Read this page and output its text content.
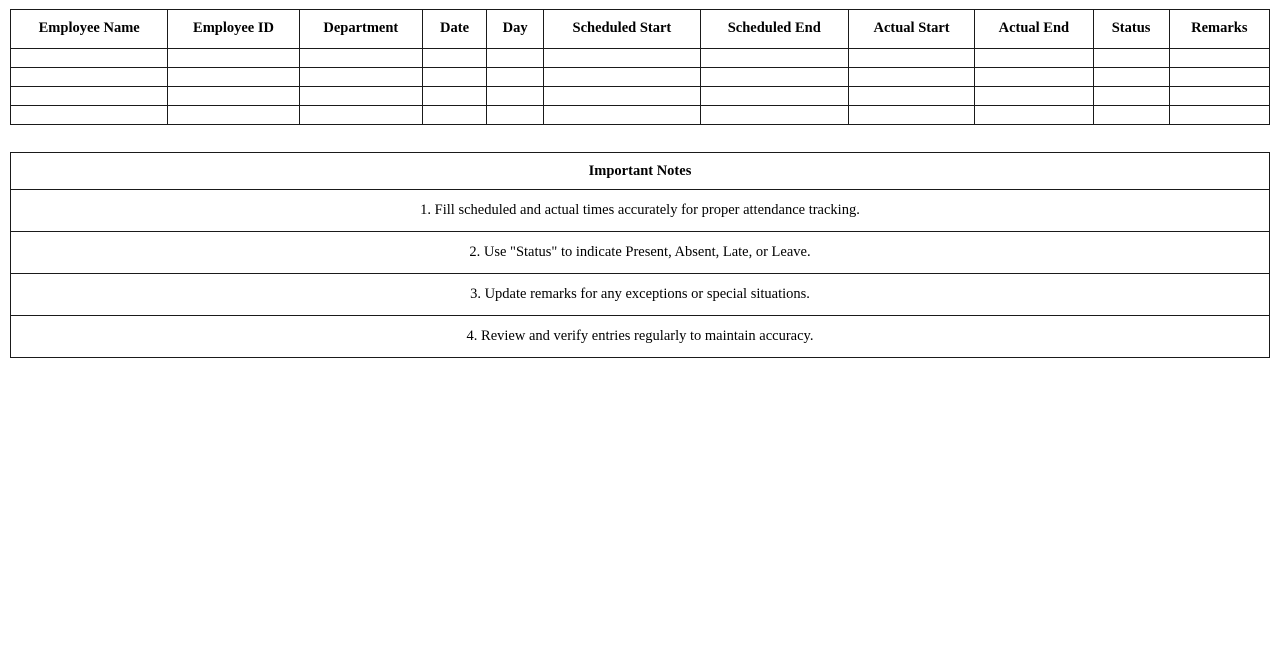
Employee Name	Employee ID	Department	Date	Day	Scheduled Start	Scheduled End	Actual Start	Actual End	Status	Remarks

Important Notes
1. Fill scheduled and actual times accurately for proper attendance tracking.
2. Use "Status" to indicate Present, Absent, Late, or Leave.
3. Update remarks for any exceptions or special situations.
4. Review and verify entries regularly to maintain accuracy.
